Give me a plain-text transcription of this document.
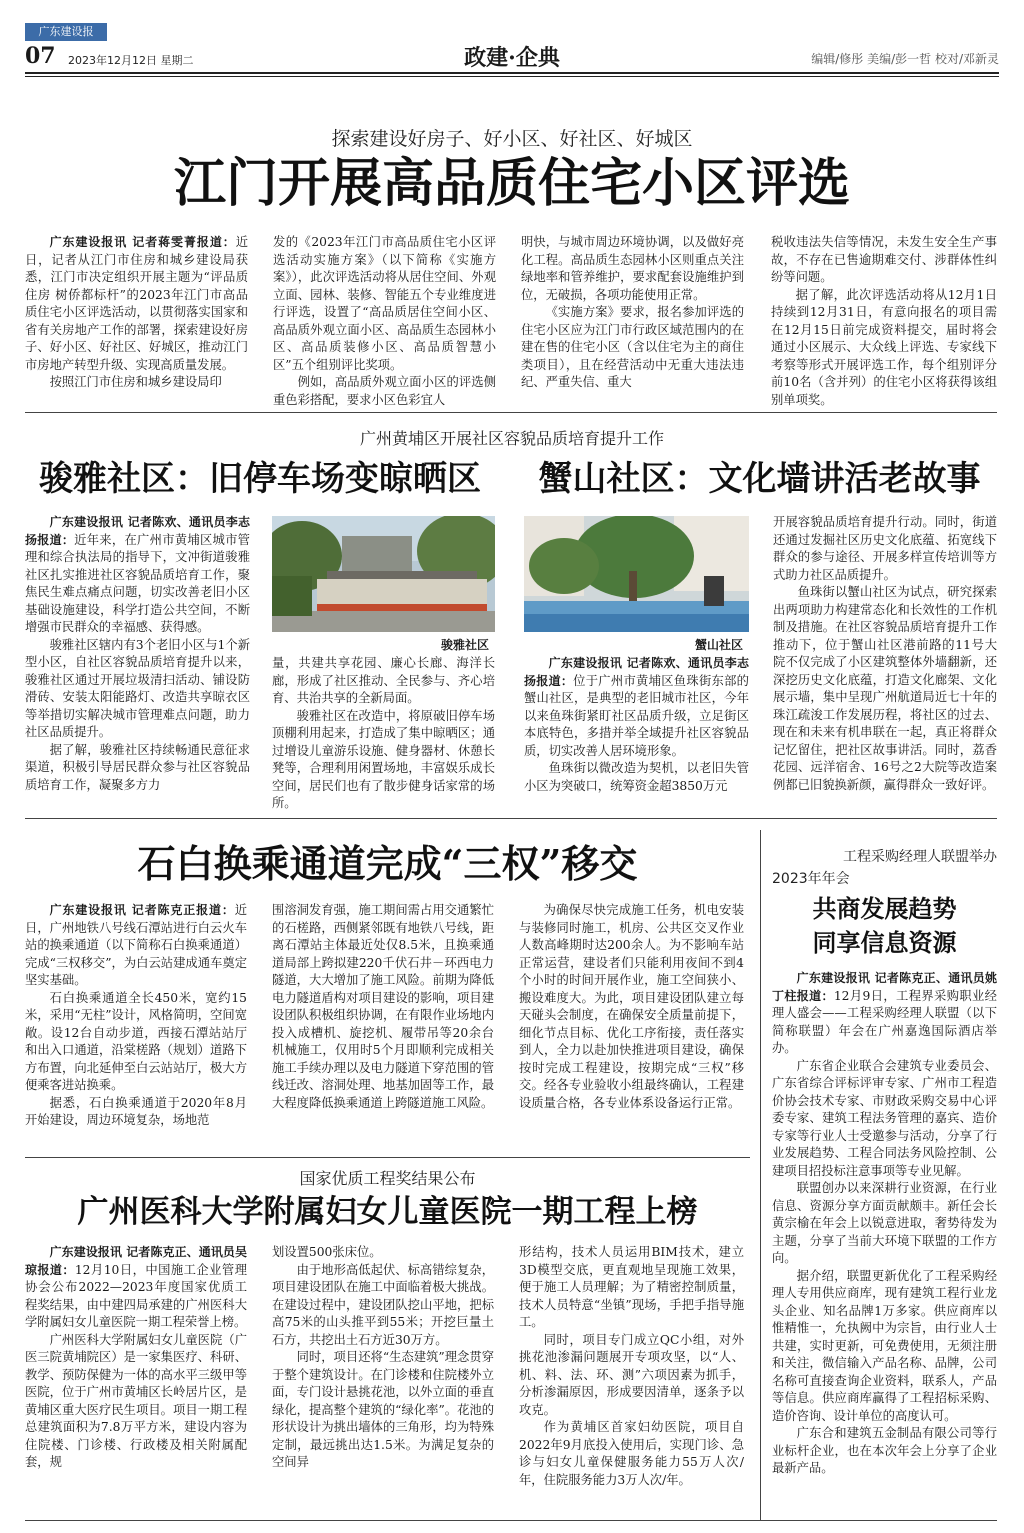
广东建设报
07 2023年12月12日 星期二	政建·企典	编辑/修彤 美编/彭一哲 校对/邓新灵
探索建设好房子、好小区、好社区、好城区
江门开展高品质住宅小区评选

广东建设报讯 记者蒋雯菁报道：近日，记者从江门市住房和城乡建设局获悉，江门市决定组织开展主题为“评品质住房 树侨都标杆”的2023年江门市高品质住宅小区评选活动，以贯彻落实国家和省有关房地产工作的部署，探索建设好房子、好小区、好社区、好城区，推动江门市房地产转型升级、实现高质量发展。

按照江门市住房和城乡建设局印

发的《2023年江门市高品质住宅小区评选活动实施方案》（以下简称《实施方案》），此次评选活动将从居住空间、外观立面、园林、装修、智能五个专业维度进行评选，设置了“高品质居住空间小区、高品质外观立面小区、高品质生态园林小区、高品质装修小区、高品质智慧小区”五个组别评比奖项。

例如，高品质外观立面小区的评选侧重色彩搭配，要求小区色彩宜人

明快，与城市周边环境协调，以及做好亮化工程。高品质生态园林小区则重点关注绿地率和管养维护，要求配套设施维护到位，无破损，各项功能使用正常。

《实施方案》要求，报名参加评选的住宅小区应为江门市行政区域范围内的在建在售的住宅小区（含以住宅为主的商住类项目），且在经营活动中无重大违法违纪、严重失信、重大

税收违法失信等情况，未发生安全生产事故，不存在已售逾期难交付、涉群体性纠纷等问题。

据了解，此次评选活动将从12月1日持续到12月31日，有意向报名的项目需在12月15日前完成资料提交，届时将会通过小区展示、大众线上评选、专家线下考察等形式开展评选工作，每个组别评分前10名（含并列）的住宅小区将获得该组别单项奖。

广州黄埔区开展社区容貌品质培育提升工作
骏雅社区：旧停车场变晾晒区	蟹山社区：文化墙讲活老故事

广东建设报讯 记者陈欢、通讯员李志扬报道：近年来，在广州市黄埔区城市管理和综合执法局的指导下，文冲街道骏雅社区扎实推进社区容貌品质培育工作，聚焦民生难点痛点问题，切实改善老旧小区基础设施建设，科学打造公共空间，不断增强市民群众的幸福感、获得感。

骏雅社区辖内有3个老旧小区与1个新型小区，自社区容貌品质培育提升以来，骏雅社区通过开展垃圾清扫活动、铺设防滑砖、安装太阳能路灯、改造共享晾衣区等举措切实解决城市管理难点问题，助力社区品质提升。

据了解，骏雅社区持续畅通民意征求渠道，积极引导居民群众参与社区容貌品质培育工作，凝聚多方力

骏雅社区

量，共建共享花园、廉心长廊、海洋长廊，形成了社区推动、全民参与、齐心培育、共治共享的全新局面。

骏雅社区在改造中，将原破旧停车场顶棚利用起来，打造成了集中晾晒区；通过增设儿童游乐设施、健身器材、休憩长凳等，合理利用闲置场地，丰富娱乐成长空间，居民们也有了散步健身话家常的场所。

蟹山社区

广东建设报讯 记者陈欢、通讯员李志扬报道：位于广州市黄埔区鱼珠街东部的蟹山社区，是典型的老旧城市社区，今年以来鱼珠街紧盯社区品质升级，立足街区本底特色，多措并举全域提升社区容貌品质，切实改善人居环境形象。

鱼珠街以微改造为契机，以老旧失管小区为突破口，统筹资金超3850万元

开展容貌品质培育提升行动。同时，街道还通过发掘社区历史文化底蕴、拓宽线下群众的参与途径、开展多样宣传培训等方式助力社区品质提升。

鱼珠街以蟹山社区为试点，研究探索出两项助力构建常态化和长效性的工作机制及措施。在社区容貌品质培育提升工作推动下，位于蟹山社区港前路的11号大院不仅完成了小区建筑整体外墙翻新，还深挖历史文化底蕴，打造文化廊架、文化展示墙，集中呈现广州航道局近七十年的珠江疏浚工作发展历程，将社区的过去、现在和未来有机串联在一起，真正将群众记忆留住，把社区故事讲活。同时，荔香花园、远洋宿舍、16号之2大院等改造案例都已旧貌换新颜，赢得群众一致好评。

石白换乘通道完成“三权”移交

广东建设报讯 记者陈克正报道：近日，广州地铁八号线石潭站进行白云火车站的换乘通道（以下简称石白换乘通道）完成“三权移交”，为白云站建成通车奠定坚实基础。

石白换乘通道全长450米，宽约15米，采用“无柱”设计，风格简明，空间宽敞。设12台自动步道，西接石潭站站厅和出入口通道，沿棠槎路（规划）道路下方布置，向北延伸至白云站站厅，极大方便乘客进站换乘。

据悉，石白换乘通道于2020年8月开始建设，周边环境复杂，场地范

围溶洞发育强，施工期间需占用交通繁忙的石槎路，西侧紧邻既有地铁八号线，距离石潭站主体最近处仅8.5米，且换乘通道局部上跨拟建220千伏石井－环西电力隧道，大大增加了施工风险。前期为降低电力隧道盾构对项目建设的影响，项目建设团队积极组织协调，在有限作业场地内投入成槽机、旋挖机、履带吊等20余台机械施工，仅用时5个月即顺利完成相关施工手续办理以及电力隧道下穿范围的管线迁改、溶洞处理、地基加固等工作，最大程度降低换乘通道上跨隧道施工风险。

为确保尽快完成施工任务，机电安装与装修同时施工，机房、公共区交叉作业人数高峰期时达200余人。为不影响车站正常运营，建设者们只能利用夜间不到4个小时的时间开展作业，施工空间狭小、搬设难度大。为此，项目建设团队建立每天碰头会制度，在确保安全质量前提下，细化节点目标、优化工序衔接，责任落实到人，全力以赴加快推进项目建设，确保按时完成工程建设，按期完成“三权”移交。经各专业验收小组最终确认，工程建设质量合格，各专业体系设备运行正常。

国家优质工程奖结果公布
广州医科大学附属妇女儿童医院一期工程上榜

广东建设报讯 记者陈克正、通讯员吴琼报道：12月10日，中国施工企业管理协会公布2022—2023年度国家优质工程奖结果，由中建四局承建的广州医科大学附属妇女儿童医院一期工程荣誉上榜。

广州医科大学附属妇女儿童医院（广医三院黄埔院区）是一家集医疗、科研、教学、预防保健为一体的高水平三级甲等医院，位于广州市黄埔区长岭居片区，是黄埔区重大医疗民生项目。项目一期工程总建筑面积为7.8万平方米，建设内容为住院楼、门诊楼、行政楼及相关附属配套，规

划设置500张床位。

由于地形高低起伏、标高错综复杂，项目建设团队在施工中面临着极大挑战。在建设过程中，建设团队挖山平地，把标高75米的山头推平到55米；开挖巨量土石方，共挖出土石方近30万方。

同时，项目还将“生态建筑”理念贯穿于整个建筑设计。在门诊楼和住院楼外立面，专门设计悬挑花池，以外立面的垂直绿化，提高整个建筑的“绿化率”。花池的形状设计为挑出墙体的三角形，均为特殊定制，最远挑出达1.5米。为满足复杂的空间异

形结构，技术人员运用BIM技术，建立3D模型交底，更直观地呈现施工效果，便于施工人员理解；为了精密控制质量，技术人员特意“坐镇”现场，手把手指导施工。

同时，项目专门成立QC小组，对外挑花池渗漏问题展开专项攻坚，以“人、机、料、法、环、测”六项因素为抓手，分析渗漏原因，形成要因清单，逐条予以攻克。

作为黄埔区首家妇幼医院，项目自2022年9月底投入使用后，实现门诊、急诊与妇女儿童保健服务能力55万人次/年，住院服务能力3万人次/年。

工程采购经理人联盟举办
2023年年会
共商发展趋势
同享信息资源

广东建设报讯 记者陈克正、通讯员姚丁柱报道：12月9日，工程界采购职业经理人盛会——工程采购经理人联盟（以下简称联盟）年会在广州嘉逸国际酒店举办。

广东省企业联合会建筑专业委员会、广东省综合评标评审专家、广州市工程造价协会技术专家、市财政采购交易中心评委专家、建筑工程法务管理的嘉宾、造价专家等行业人士受邀参与活动，分享了行业发展趋势、工程合同法务风险控制、公建项目招投标注意事项等专业见解。

联盟创办以来深耕行业资源，在行业信息、资源分享方面贡献颇丰。新任会长黄宗榆在年会上以锐意进取，奢势待发为主题，分享了当前大环境下联盟的工作方向。

据介绍，联盟更新优化了工程采购经理人专用供应商库，现有建筑工程行业龙头企业、知名品牌1万多家。供应商库以惟精惟一，允执阙中为宗旨，由行业人士共建，实时更新，可免费使用，无须注册和关注，微信输入产品名称、品牌，公司名称可直接查询企业资料，联系人，产品等信息。供应商库赢得了工程招标采购、造价咨询、设计单位的高度认可。

广东合和建筑五金制品有限公司等行业标杆企业，也在本次年会上分享了企业最新产品。
